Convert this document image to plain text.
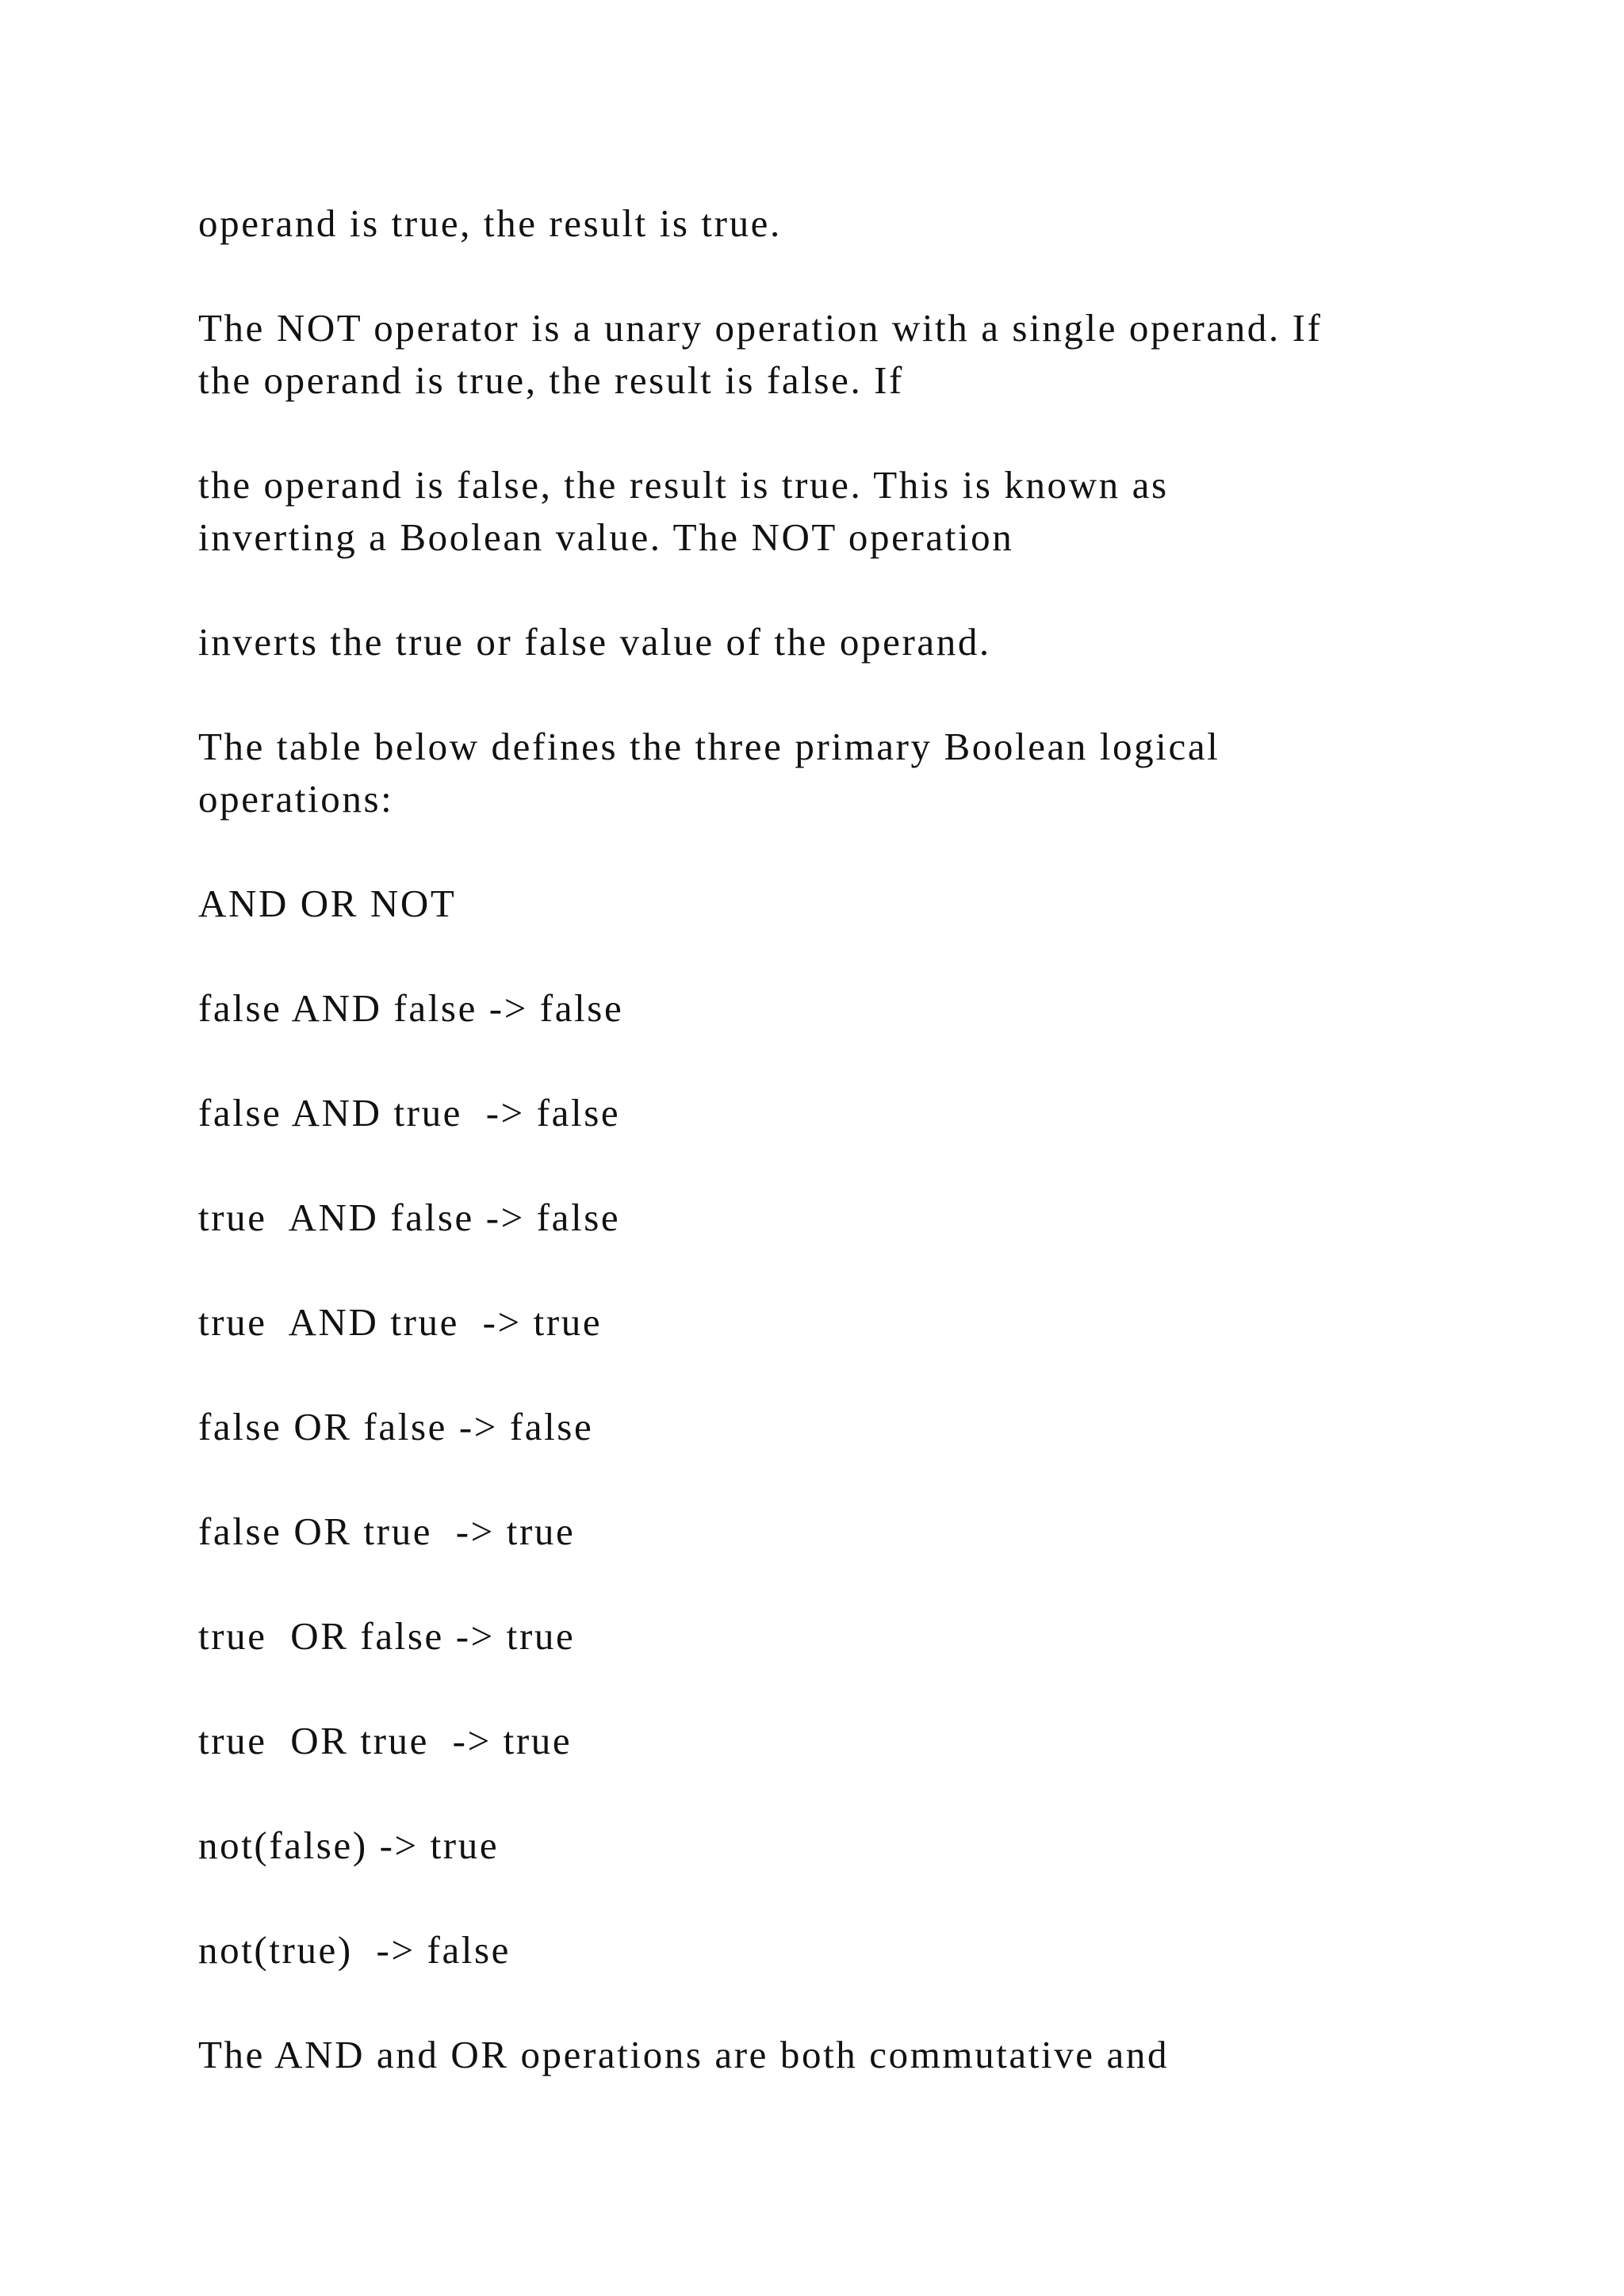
operand is true, the result is true.

The NOT operator is a unary operation with a single operand. If

the operand is true, the result is false. If

the operand is false, the result is true. This is known as

inverting a Boolean value. The NOT operation

inverts the true or false value of the operand.

The table below defines the three primary Boolean logical

operations:

AND OR NOT

false AND false -> false

false AND true  -> false

true  AND false -> false

true  AND true  -> true

false OR false -> false

false OR true  -> true

true  OR false -> true

true  OR true  -> true

not(false) -> true

not(true)  -> false

The AND and OR operations are both commutative and
